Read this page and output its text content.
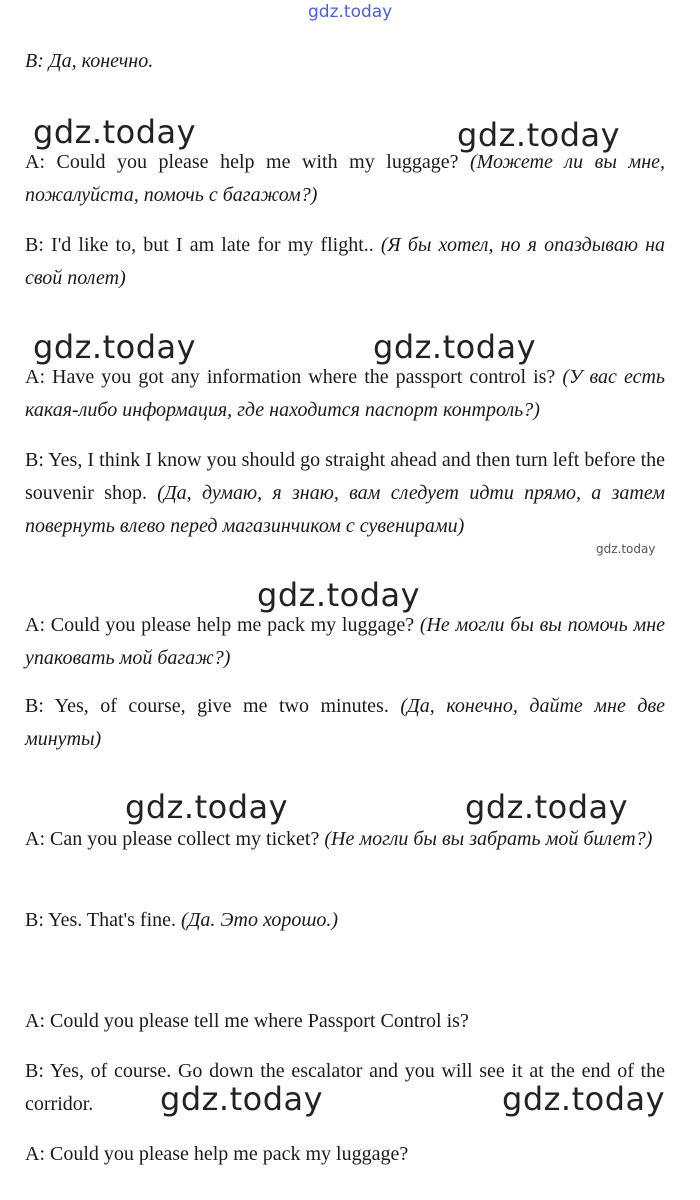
gdz.today

В: Да, конечно.

gdz.today	gdz.today

A: Could you please help me with my luggage? (Можете ли вы мне, пожалуйста, помочь с багажом?)

B: I'd like to, but I am late for my flight.. (Я бы хотел, но я опаздываю на свой полет)

gdz.today	gdz.today

A: Have you got any information where the passport control is? (У вас есть какая-либо информация, где находится паспорт контроль?)

B: Yes, I think I know you should go straight ahead and then turn left before the souvenir shop. (Да, думаю, я знаю, вам следует идти прямо, а затем повернуть влево перед магазинчиком с сувенирами)

gdz.today
gdz.today

A: Could you please help me pack my luggage? (Не могли бы вы помочь мне упаковать мой багаж?)

B: Yes, of course, give me two minutes. (Да, конечно, дайте мне две минуты)

gdz.today	gdz.today

A: Can you please collect my ticket? (Не могли бы вы забрать мой билет?)

B: Yes. That's fine. (Да. Это хорошо.)

A: Could you please tell me where Passport Control is?

B: Yes, of course. Go down the escalator and you will see it at the end of the corridor.	gdz.today	gdz.today

A: Could you please help me pack my luggage?
